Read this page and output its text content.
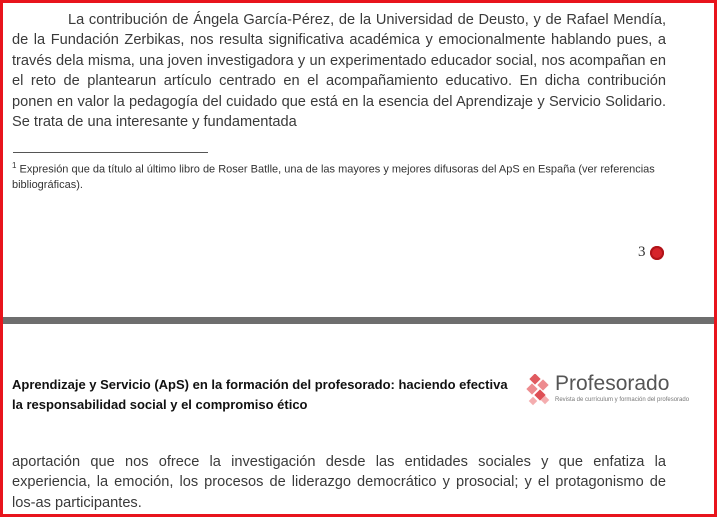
La contribución de Ángela García-Pérez, de la Universidad de Deusto, y de Rafael Mendía, de la Fundación Zerbikas, nos resulta significativa académica y emocionalmente hablando pues, a través dela misma, una joven investigadora y un experimentado educador social, nos acompañan en el reto de plantearun artículo centrado en el acompañamiento educativo. En dicha contribución ponen en valor la pedagogía del cuidado que está en la esencia del Aprendizaje y Servicio Solidario. Se trata de una interesante y fundamentada

$^1$ Expresión que da título al último libro de Roser Batlle, una de las mayores y mejores difusoras del ApS en España (ver referencias bibliográficas).

3

Aprendizaje y Servicio (ApS) en la formación del profesorado: haciendo efectiva la responsabilidad social y el compromiso ético

Profesorado
Revista de currículum y formación del profesorado

aportación que nos ofrece la investigación desde las entidades sociales y que enfatiza la experiencia, la emoción, los procesos de liderazgo democrático y prosocial; y el protagonismo de los-as participantes.
